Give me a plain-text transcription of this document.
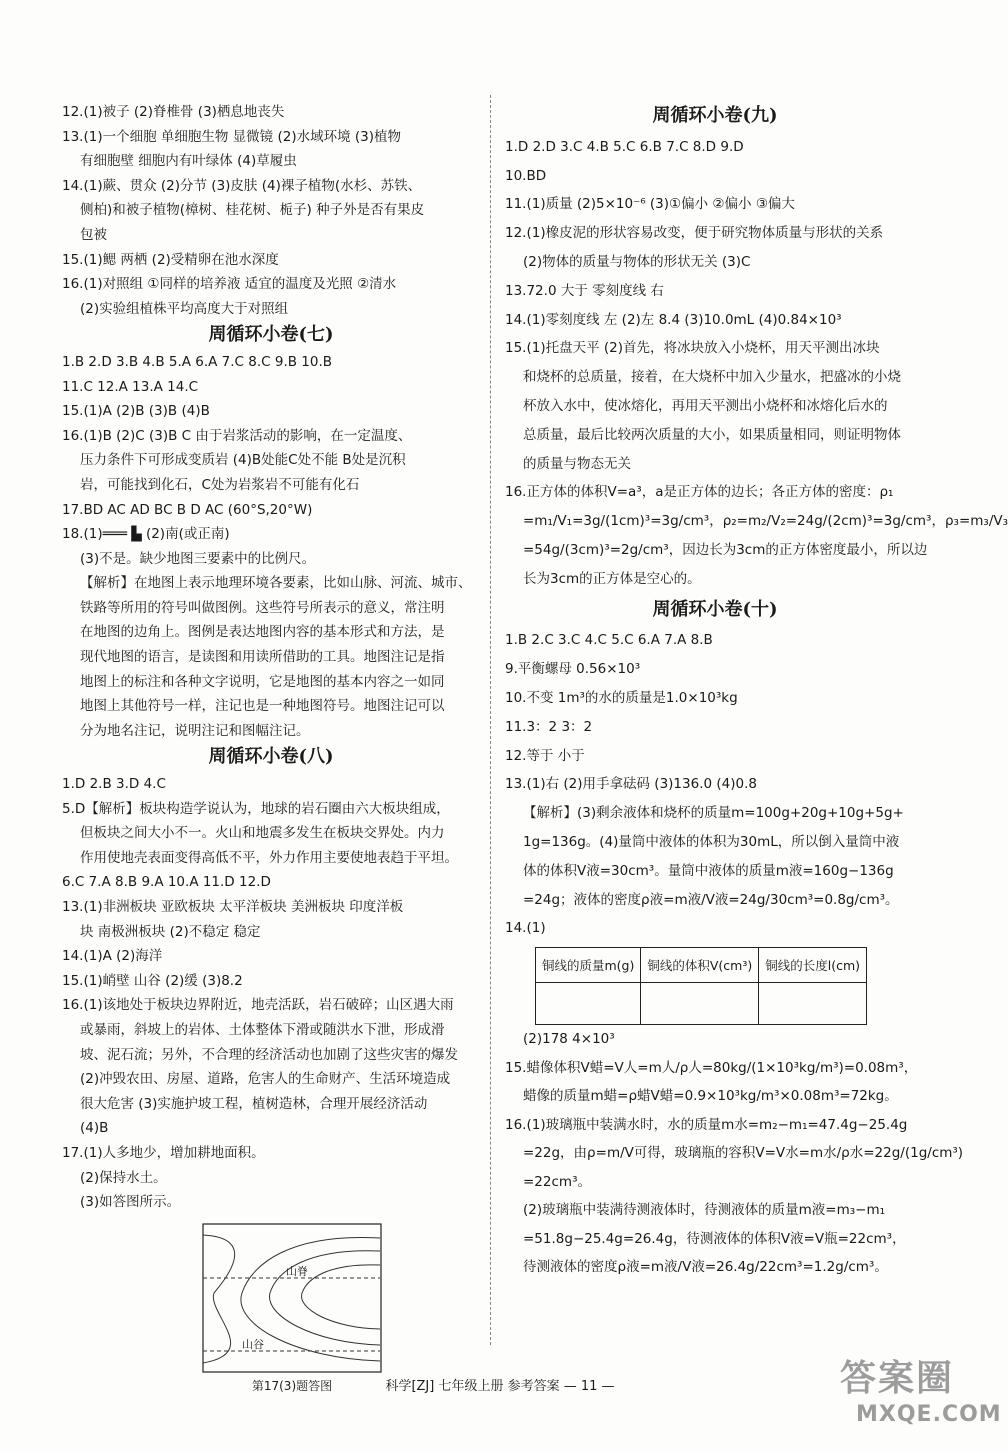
12.(1)被子 (2)脊椎骨 (3)栖息地丧失
13.(1)一个细胞 单细胞生物 显微镜 (2)水域环境 (3)植物
有细胞壁 细胞内有叶绿体 (4)草履虫
14.(1)蕨、贯众 (2)分节 (3)皮肤 (4)裸子植物(水杉、苏铁、
侧柏)和被子植物(樟树、桂花树、栀子) 种子外是否有果皮
包被
15.(1)鳃 两栖 (2)受精卵在池水深度
16.(1)对照组 ①同样的培养液 适宜的温度及光照 ②清水
(2)实验组植株平均高度大于对照组
周循环小卷(七)
1.B 2.D 3.B 4.B 5.A 6.A 7.C 8.C 9.B 10.B
11.C 12.A 13.A 14.C
15.(1)A (2)B (3)B (4)B
16.(1)B (2)C (3)B C 由于岩浆活动的影响，在一定温度、
压力条件下可形成变质岩 (4)B处能C处不能 B处是沉积
岩，可能找到化石，C处为岩浆岩不可能有化石
17.BD AC AD BC B D AC (60°S,20°W)
18.(1)═══ ▙ (2)南(或正南)
(3)不是。缺少地图三要素中的比例尺。
【解析】在地图上表示地理环境各要素，比如山脉、河流、城市、
铁路等所用的符号叫做图例。这些符号所表示的意义，常注明
在地图的边角上。图例是表达地图内容的基本形式和方法，是
现代地图的语言，是读图和用读所借助的工具。地图注记是指
地图上的标注和各种文字说明，它是地图的基本内容之一如同
地图上其他符号一样，注记也是一种地图符号。地图注记可以
分为地名注记，说明注记和图幅注记。
周循环小卷(八)
1.D 2.B 3.D 4.C
5.D【解析】板块构造学说认为，地球的岩石圈由六大板块组成，
但板块之间大小不一。火山和地震多发生在板块交界处。内力
作用使地壳表面变得高低不平，外力作用主要使地表趋于平坦。
6.C 7.A 8.B 9.A 10.A 11.D 12.D
13.(1)非洲板块 亚欧板块 太平洋板块 美洲板块 印度洋板
块 南极洲板块 (2)不稳定 稳定
14.(1)A (2)海洋
15.(1)峭壁 山谷 (2)缓 (3)8.2
16.(1)该地处于板块边界附近，地壳活跃，岩石破碎；山区遇大雨
或暴雨，斜坡上的岩体、土体整体下滑或随洪水下泄，形成滑
坡、泥石流；另外，不合理的经济活动也加剧了这些灾害的爆发
(2)冲毁农田、房屋、道路，危害人的生命财产、生活环境造成
很大危害 (3)实施护坡工程，植树造林，合理开展经济活动
(4)B
17.(1)人多地少，增加耕地面积。
(2)保持水土。
(3)如答图所示。
山脊
山谷
第17(3)题答图
周循环小卷(九)
1.D 2.D 3.C 4.B 5.C 6.B 7.C 8.D 9.D
10.BD
11.(1)质量 (2)5×10⁻⁶ (3)①偏小 ②偏小 ③偏大
12.(1)橡皮泥的形状容易改变，便于研究物体质量与形状的关系
(2)物体的质量与物体的形状无关 (3)C
13.72.0 大于 零刻度线 右
14.(1)零刻度线 左 (2)左 8.4 (3)10.0mL (4)0.84×10³
15.(1)托盘天平 (2)首先，将冰块放入小烧杯，用天平测出冰块
和烧杯的总质量，接着，在大烧杯中加入少量水，把盛冰的小烧
杯放入水中，使冰熔化，再用天平测出小烧杯和冰熔化后水的
总质量，最后比较两次质量的大小，如果质量相同，则证明物体
的质量与物态无关
16.正方体的体积V=a³，a是正方体的边长；各正方体的密度：ρ₁
=m₁/V₁=3g/(1cm)³=3g/cm³，ρ₂=m₂/V₂=24g/(2cm)³=3g/cm³，ρ₃=m₃/V₃
=54g/(3cm)³=2g/cm³，因边长为3cm的正方体密度最小，所以边
长为3cm的正方体是空心的。
周循环小卷(十)
1.B 2.C 3.C 4.C 5.C 6.A 7.A 8.B
9.平衡螺母 0.56×10³
10.不变 1m³的水的质量是1.0×10³kg
11.3：2 3：2
12.等于 小于
13.(1)右 (2)用手拿砝码 (3)136.0 (4)0.8
【解析】(3)剩余液体和烧杯的质量m=100g+20g+10g+5g+
1g=136g。(4)量筒中液体的体积为30mL，所以倒入量筒中液
体的体积V液=30cm³。量筒中液体的质量m液=160g−136g
=24g；液体的密度ρ液=m液/V液=24g/30cm³=0.8g/cm³。
14.(1)
铜线的质量m(g)	铜线的体积V(cm³)	铜线的长度l(cm)

(2)178 4×10³
15.蜡像体积V蜡=V人=m人/ρ人=80kg/(1×10³kg/m³)=0.08m³，
蜡像的质量m蜡=ρ蜡V蜡=0.9×10³kg/m³×0.08m³=72kg。
16.(1)玻璃瓶中装满水时，水的质量m水=m₂−m₁=47.4g−25.4g
=22g，由ρ=m/V可得，玻璃瓶的容积V=V水=m水/ρ水=22g/(1g/cm³)
=22cm³。
(2)玻璃瓶中装满待测液体时，待测液体的质量m液=m₃−m₁
=51.8g−25.4g=26.4g，待测液体的体积V液=V瓶=22cm³，
待测液体的密度ρ液=m液/V液=26.4g/22cm³=1.2g/cm³。
科学[ZJ] 七年级上册 参考答案 — 11 —	答案圈
MXQE.COM
